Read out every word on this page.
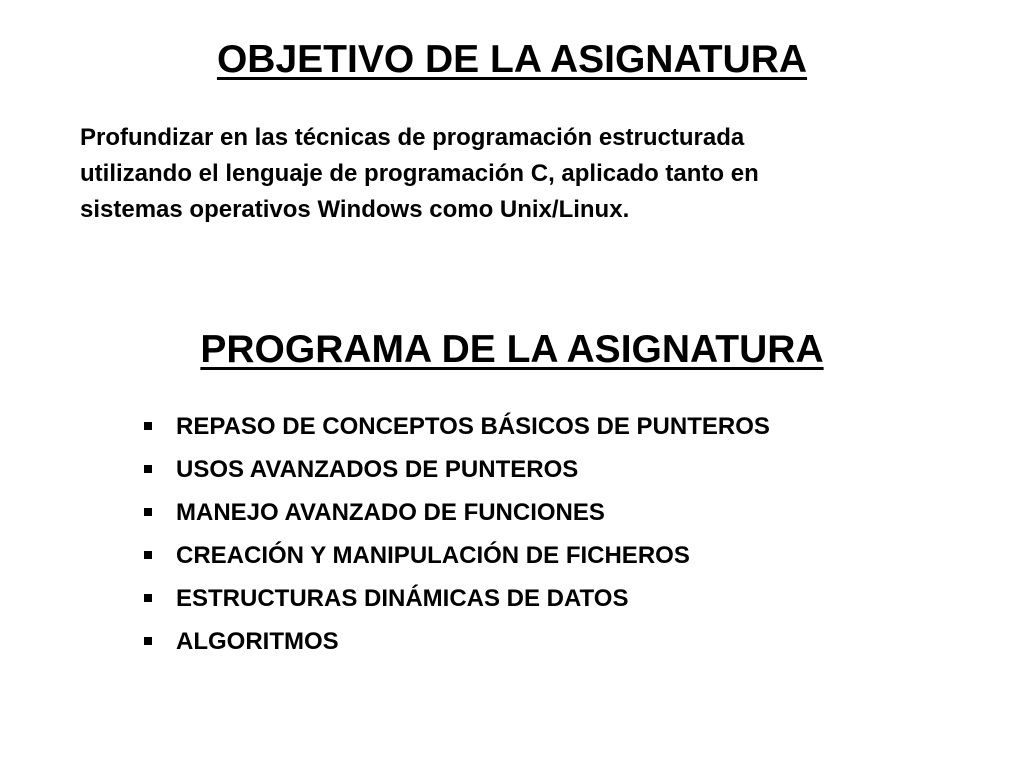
OBJETIVO DE LA ASIGNATURA

Profundizar en las técnicas de programación estructurada
utilizando el lenguaje de programación C, aplicado tanto en
sistemas operativos Windows como Unix/Linux.

PROGRAMA DE LA ASIGNATURA
REPASO DE CONCEPTOS BÁSICOS DE PUNTEROS
USOS AVANZADOS DE PUNTEROS
MANEJO AVANZADO DE FUNCIONES
CREACIÓN Y MANIPULACIÓN DE FICHEROS
ESTRUCTURAS DINÁMICAS DE DATOS
ALGORITMOS
